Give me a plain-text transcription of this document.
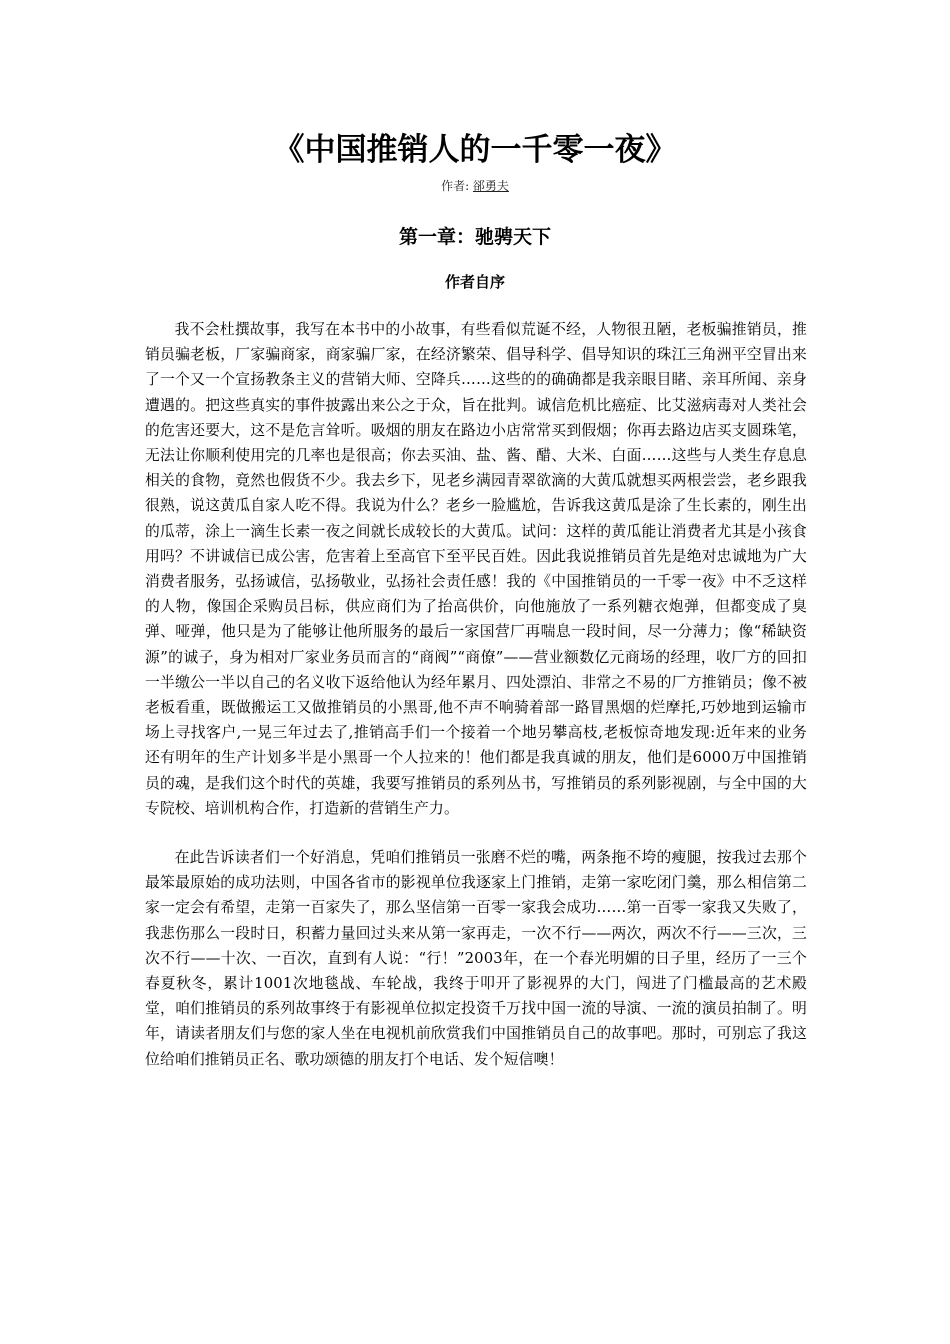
《中国推销人的一千零一夜》
作者: 郤勇夫
第一章：驰骋天下
作者自序

我不会杜撰故事，我写在本书中的小故事，有些看似荒诞不经，人物很丑陋，老板骗推销员，推销员骗老板，厂家骗商家，商家骗厂家，在经济繁荣、倡导科学、倡导知识的珠江三角洲平空冒出来了一个又一个宣扬教条主义的营销大师、空降兵……这些的的确确都是我亲眼目睹、亲耳所闻、亲身遭遇的。把这些真实的事件披露出来公之于众，旨在批判。诚信危机比癌症、比艾滋病毒对人类社会的危害还要大，这不是危言耸听。吸烟的朋友在路边小店常常买到假烟；你再去路边店买支圆珠笔，无法让你顺利使用完的几率也是很高；你去买油、盐、酱、醋、大米、白面……这些与人类生存息息相关的食物，竟然也假货不少。我去乡下，见老乡满园青翠欲滴的大黄瓜就想买两根尝尝，老乡跟我很熟，说这黄瓜自家人吃不得。我说为什么？老乡一脸尴尬，告诉我这黄瓜是涂了生长素的，刚生出的瓜蒂，涂上一滴生长素一夜之间就长成较长的大黄瓜。试问：这样的黄瓜能让消费者尤其是小孩食用吗？不讲诚信已成公害，危害着上至高官下至平民百姓。因此我说推销员首先是绝对忠诚地为广大消费者服务，弘扬诚信，弘扬敬业，弘扬社会责任感！我的《中国推销员的一千零一夜》中不乏这样的人物，像国企采购员吕标，供应商们为了抬高供价，向他施放了一系列糖衣炮弹，但都变成了臭弹、哑弹，他只是为了能够让他所服务的最后一家国营厂再喘息一段时间，尽一分薄力；像“稀缺资源”的诚子，身为相对厂家业务员而言的“商阀”“商僚”——营业额数亿元商场的经理，收厂方的回扣一半缴公一半以自己的名义收下返给他认为经年累月、四处漂泊、非常之不易的厂方推销员；像不被老板看重，既做搬运工又做推销员的小黑哥,他不声不响骑着部一路冒黑烟的烂摩托,巧妙地到运输市场上寻找客户,一晃三年过去了,推销高手们一个接着一个地另攀高枝,老板惊奇地发现:近年来的业务还有明年的生产计划多半是小黑哥一个人拉来的！他们都是我真诚的朋友，他们是6000万中国推销员的魂，是我们这个时代的英雄，我要写推销员的系列丛书，写推销员的系列影视剧，与全中国的大专院校、培训机构合作，打造新的营销生产力。

在此告诉读者们一个好消息，凭咱们推销员一张磨不烂的嘴，两条拖不垮的瘦腿，按我过去那个最笨最原始的成功法则，中国各省市的影视单位我逐家上门推销，走第一家吃闭门羹，那么相信第二家一定会有希望，走第一百家失了，那么坚信第一百零一家我会成功……第一百零一家我又失败了，我悲伤那么一段时日，积蓄力量回过头来从第一家再走，一次不行——两次，两次不行——三次，三次不行——十次、一百次，直到有人说：“行！”2003年，在一个春光明媚的日子里，经历了一三个春夏秋冬，累计1001次地毯战、车轮战，我终于叩开了影视界的大门，闯进了门槛最高的艺术殿堂，咱们推销员的系列故事终于有影视单位拟定投资千万找中国一流的导演、一流的演员拍制了。明年，请读者朋友们与您的家人坐在电视机前欣赏我们中国推销员自己的故事吧。那时，可别忘了我这位给咱们推销员正名、歌功颂德的朋友打个电话、发个短信噢！
